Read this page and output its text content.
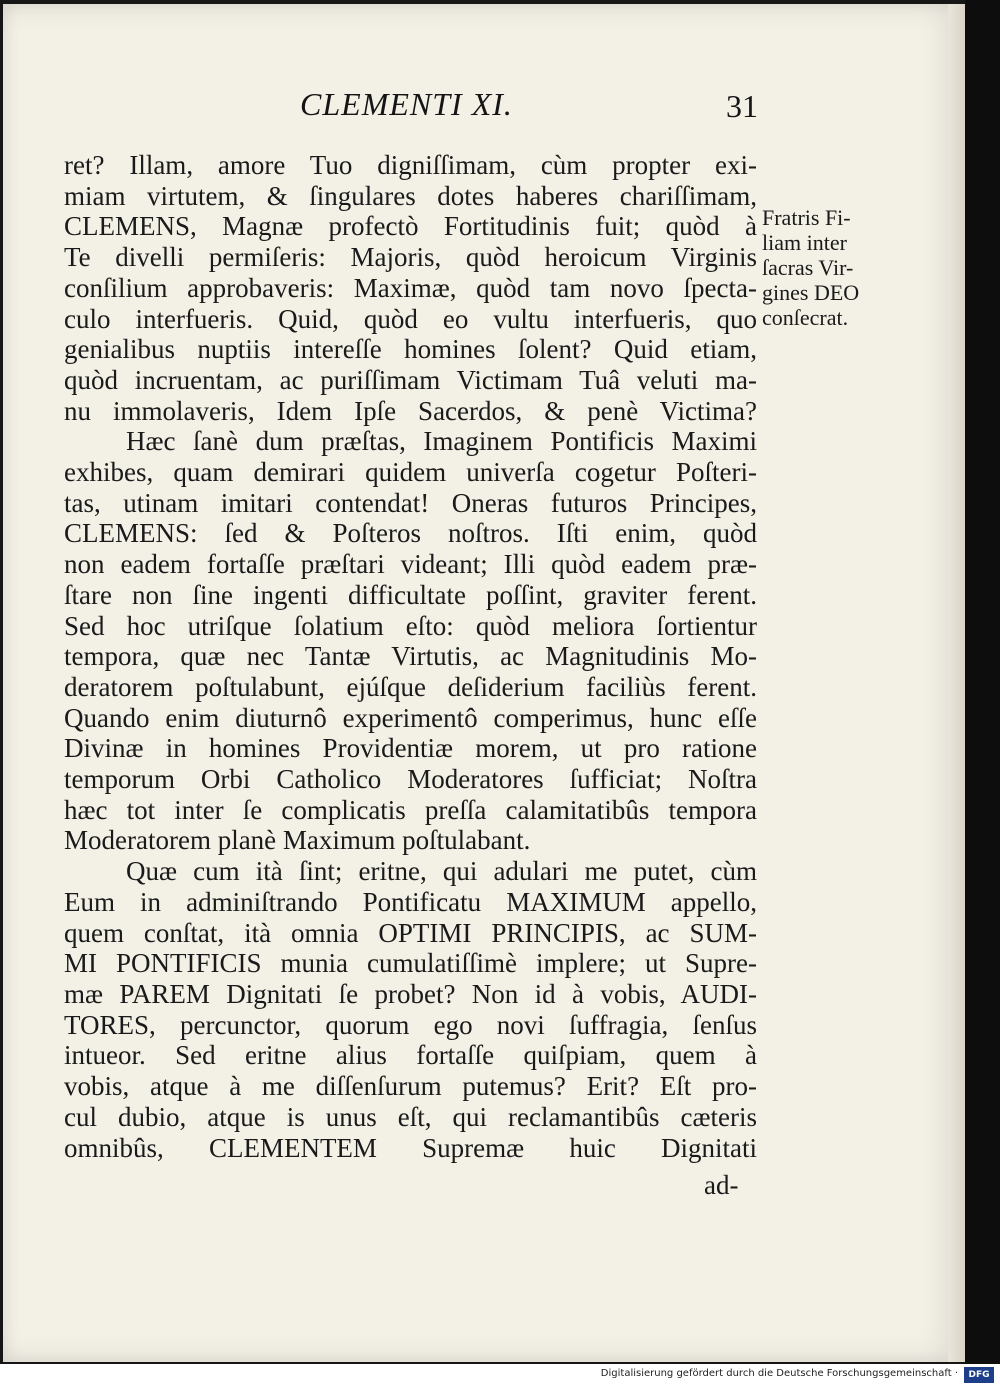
CLEMENTI XI.	31
ret? Illam, amore Tuo digniſſimam, cùm propter exi-
miam virtutem, & ſingulares dotes haberes chariſſimam,
CLEMENS, Magnæ profectò Fortitudinis fuit; quòd à
Te divelli permiſeris: Majoris, quòd heroicum Virginis
conſilium approbaveris: Maximæ, quòd tam novo ſpecta-
culo interfueris. Quid, quòd eo vultu interfueris, quo
genialibus nuptiis intereſſe homines ſolent? Quid etiam,
quòd incruentam, ac puriſſimam Victimam Tuâ veluti ma-
nu immolaveris, Idem Ipſe Sacerdos, & penè Victima?
Hæc ſanè dum præſtas, Imaginem Pontificis Maximi
exhibes, quam demirari quidem univerſa cogetur Poſteri-
tas, utinam imitari contendat! Oneras futuros Principes,
CLEMENS: ſed & Poſteros noſtros. Iſti enim, quòd
non eadem fortaſſe præſtari videant; Illi quòd eadem præ-
ſtare non ſine ingenti difficultate poſſint, graviter ferent.
Sed hoc utriſque ſolatium eſto: quòd meliora ſortientur
tempora, quæ nec Tantæ Virtutis, ac Magnitudinis Mo-
deratorem poſtulabunt, ejúſque deſiderium faciliùs ferent.
Quando enim diuturnô experimentô comperimus, hunc eſſe
Divinæ in homines Providentiæ morem, ut pro ratione
temporum Orbi Catholico Moderatores ſufficiat; Noſtra
hæc tot inter ſe complicatis preſſa calamitatibûs tempora
Moderatorem planè Maximum poſtulabant.
Quæ cum ità ſint; eritne, qui adulari me putet, cùm
Eum in adminiſtrando Pontificatu MAXIMUM appello,
quem conſtat, ità omnia OPTIMI PRINCIPIS, ac SUM-
MI PONTIFICIS munia cumulatiſſimè implere; ut Supre-
mæ PAREM Dignitati ſe probet? Non id à vobis, AUDI-
TORES, percunctor, quorum ego novi ſuffragia, ſenſus
intueor. Sed eritne alius fortaſſe quiſpiam, quem à
vobis, atque à me diſſenſurum putemus? Erit? Eſt pro-
cul dubio, atque is unus eſt, qui reclamantibûs cæteris
omnibûs, CLEMENTEM Supremæ huic Dignitati
ad-
Fratris Fi-
liam inter
ſacras Vir-
gines DEO
conſecrat.
Digitalisierung gefördert durch die Deutsche Forschungsgemeinschaft ·	DFG
